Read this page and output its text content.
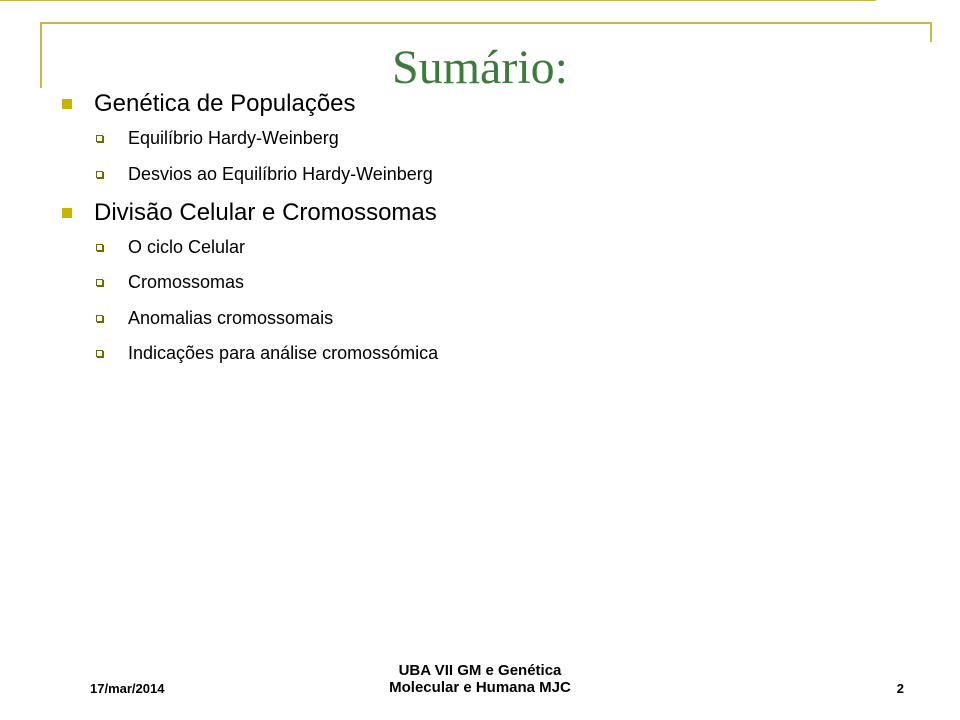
Sumário:
Genética de Populações
Equilíbrio Hardy-Weinberg
Desvios ao Equilíbrio Hardy-Weinberg
Divisão Celular e Cromossomas
O ciclo Celular
Cromossomas
Anomalias cromossomais
Indicações para análise cromossómica
17/mar/2014
UBA VII GM e Genética
Molecular e Humana MJC	2
